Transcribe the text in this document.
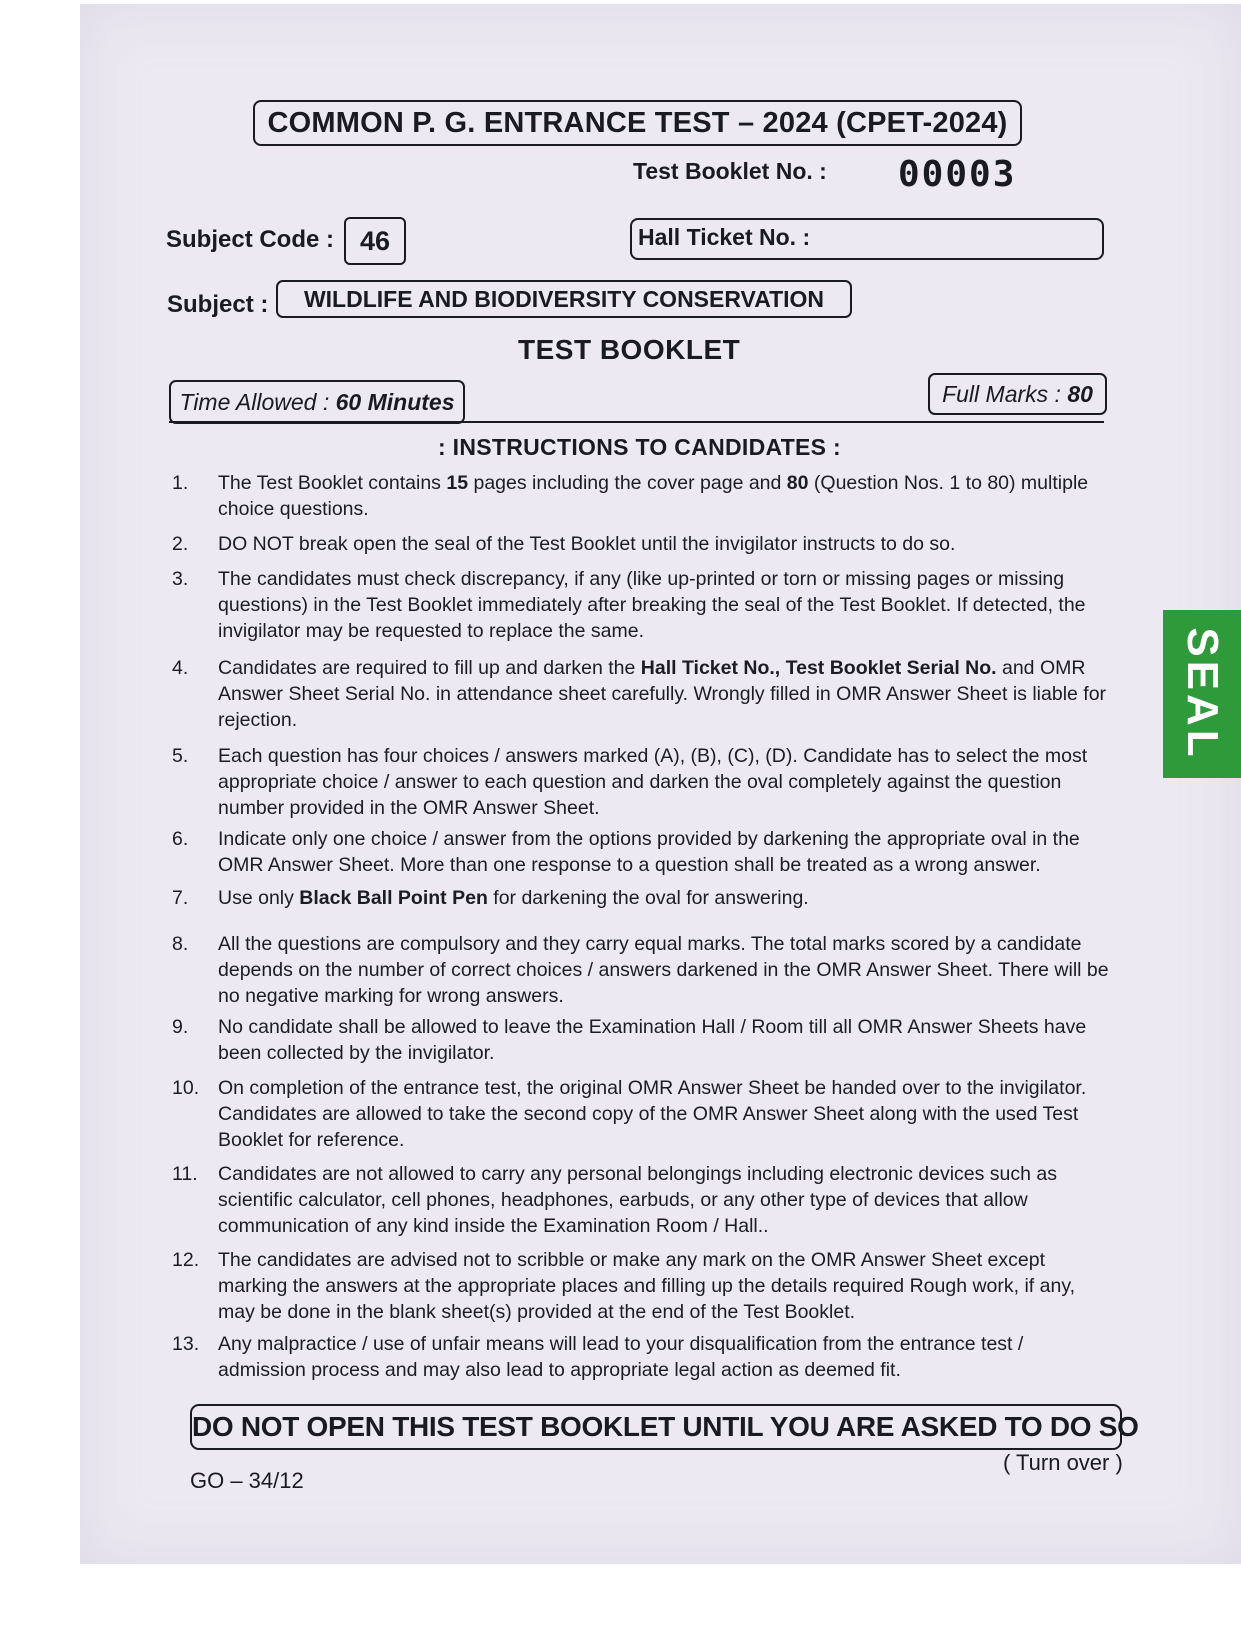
COMMON P. G. ENTRANCE TEST – 2024 (CPET-2024)
Test Booklet No. : 00003
Subject Code : 46	Hall Ticket No. :
Subject :	WILDLIFE AND BIODIVERSITY CONSERVATION
TEST BOOKLET
Time Allowed : 60 Minutes	Full Marks : 80
: INSTRUCTIONS TO CANDIDATES :
1.	The Test Booklet contains 15 pages including the cover page and 80 (Question Nos. 1 to 80) multiple choice questions.
2.	DO NOT break open the seal of the Test Booklet until the invigilator instructs to do so.
3.	The candidates must check discrepancy, if any (like up-printed or torn or missing pages or missing questions) in the Test Booklet immediately after breaking the seal of the Test Booklet. If detected, the invigilator may be requested to replace the same.
4.	Candidates are required to fill up and darken the Hall Ticket No., Test Booklet Serial No. and OMR Answer Sheet Serial No. in attendance sheet carefully. Wrongly filled in OMR Answer Sheet is liable for rejection.
5.	Each question has four choices / answers marked (A), (B), (C), (D). Candidate has to select the most appropriate choice / answer to each question and darken the oval completely against the question number provided in the OMR Answer Sheet.
6.	Indicate only one choice / answer from the options provided by darkening the appropriate oval in the OMR Answer Sheet. More than one response to a question shall be treated as a wrong answer.
7.	Use only Black Ball Point Pen for darkening the oval for answering.
8.	All the questions are compulsory and they carry equal marks. The total marks scored by a candidate depends on the number of correct choices / answers darkened in the OMR Answer Sheet. There will be no negative marking for wrong answers.
9.	No candidate shall be allowed to leave the Examination Hall / Room till all OMR Answer Sheets have been collected by the invigilator.
10. On completion of the entrance test, the original OMR Answer Sheet be handed over to the invigilator. Candidates are allowed to take the second copy of the OMR Answer Sheet along with the used Test Booklet for reference.
11.	Candidates are not allowed to carry any personal belongings including electronic devices such as scientific calculator, cell phones, headphones, earbuds, or any other type of devices that allow communication of any kind inside the Examination Room / Hall..
12. The candidates are advised not to scribble or make any mark on the OMR Answer Sheet except marking the answers at the appropriate places and filling up the details required Rough work, if any, may be done in the blank sheet(s) provided at the end of the Test Booklet.
13. Any malpractice / use of unfair means will lead to your disqualification from the entrance test / admission process and may also lead to appropriate legal action as deemed fit.
SEAL
DO NOT OPEN THIS TEST BOOKLET UNTIL YOU ARE ASKED TO DO SO
GO – 34/12
( Turn over )
